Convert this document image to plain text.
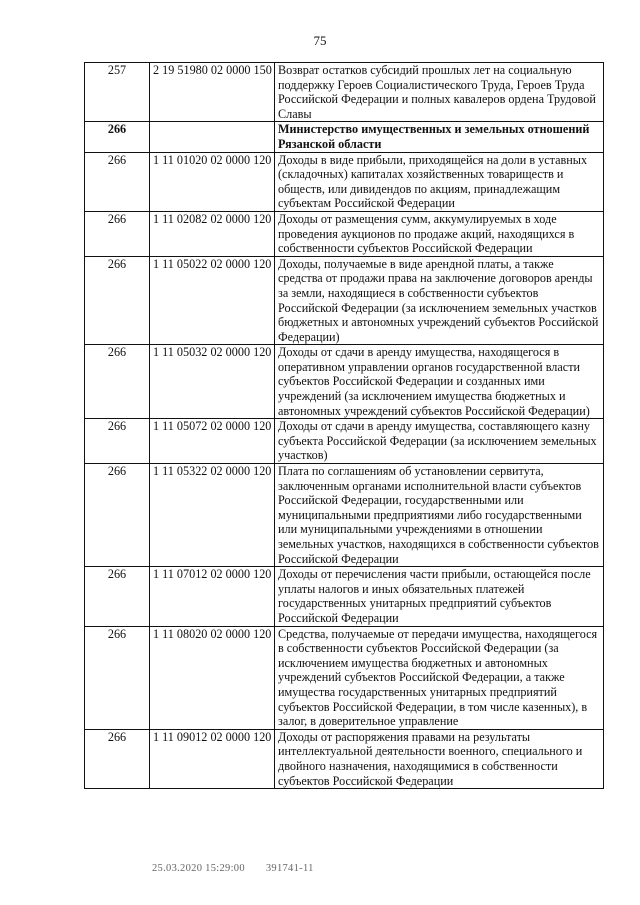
75
257	2 19 51980 02 0000 150	Возврат остатков субсидий прошлых лет на социальную поддержку Героев Социалистического Труда, Героев Труда Российской Федерации и полных кавалеров ордена Трудовой Славы
266		Министерство имущественных и земельных отношений Рязанской области
266	1 11 01020 02 0000 120	Доходы в виде прибыли, приходящейся на доли в уставных (складочных) капиталах хозяйственных товариществ и обществ, или дивидендов по акциям, принадлежащим субъектам Российской Федерации
266	1 11 02082 02 0000 120	Доходы от размещения сумм, аккумулируемых в ходе проведения аукционов по продаже акций, находящихся в собственности субъектов Российской Федерации
266	1 11 05022 02 0000 120	Доходы, получаемые в виде арендной платы, а также средства от продажи права на заключение договоров аренды за земли, находящиеся в собственности субъектов Российской Федерации (за исключением земельных участков бюджетных и автономных учреждений субъектов Российской Федерации)
266	1 11 05032 02 0000 120	Доходы от сдачи в аренду имущества, находящегося в оперативном управлении органов государственной власти субъектов Российской Федерации и созданных ими учреждений (за исключением имущества бюджетных и автономных учреждений субъектов Российской Федерации)
266	1 11 05072 02 0000 120	Доходы от сдачи в аренду имущества, составляющего казну субъекта Российской Федерации (за исключением земельных участков)
266	1 11 05322 02 0000 120	Плата по соглашениям об установлении сервитута, заключенным органами исполнительной власти субъектов Российской Федерации, государственными или муниципальными предприятиями либо государственными или муниципальными учреждениями в отношении земельных участков, находящихся в собственности субъектов Российской Федерации
266	1 11 07012 02 0000 120	Доходы от перечисления части прибыли, остающейся после уплаты налогов и иных обязательных платежей государственных унитарных предприятий субъектов Российской Федерации
266	1 11 08020 02 0000 120	Средства, получаемые от передачи имущества, находящегося в собственности субъектов Российской Федерации (за исключением имущества бюджетных и автономных учреждений субъектов Российской Федерации, а также имущества государственных унитарных предприятий субъектов Российской Федерации, в том числе казенных), в залог, в доверительное управление
266	1 11 09012 02 0000 120	Доходы от распоряжения правами на результаты интеллектуальной деятельности военного, специального и двойного назначения, находящимися в собственности субъектов Российской Федерации
25.03.2020 15:29:00 391741-11
